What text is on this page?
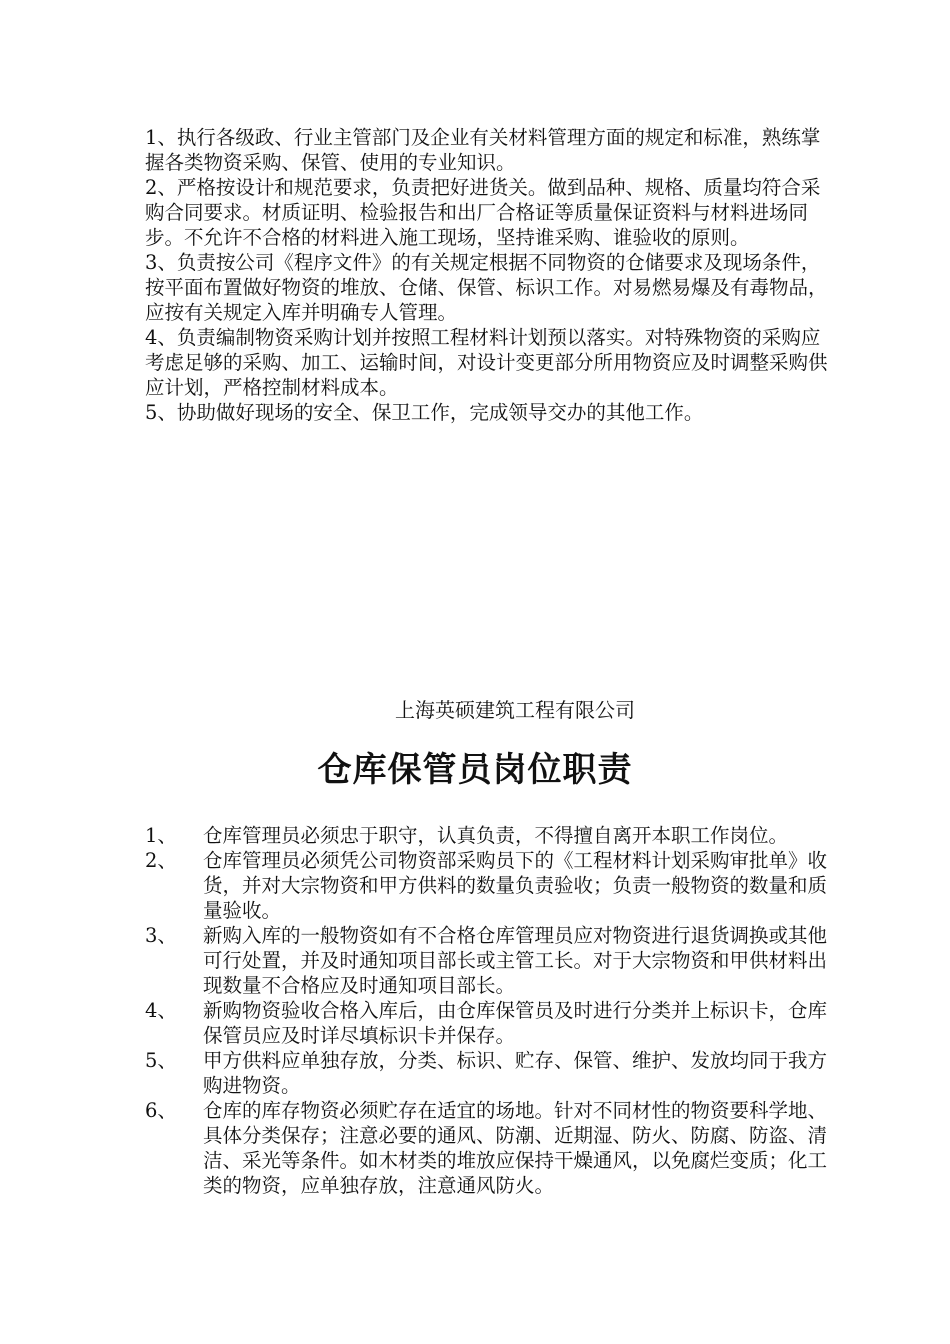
1、执行各级政、行业主管部门及企业有关材料管理方面的规定和标准，熟练掌握各类物资采购、保管、使用的专业知识。

2、严格按设计和规范要求，负责把好进货关。做到品种、规格、质量均符合采购合同要求。材质证明、检验报告和出厂合格证等质量保证资料与材料进场同步。不允许不合格的材料进入施工现场，坚持谁采购、谁验收的原则。

3、负责按公司《程序文件》的有关规定根据不同物资的仓储要求及现场条件，按平面布置做好物资的堆放、仓储、保管、标识工作。对易燃易爆及有毒物品，应按有关规定入库并明确专人管理。

4、负责编制物资采购计划并按照工程材料计划预以落实。对特殊物资的采购应考虑足够的采购、加工、运输时间，对设计变更部分所用物资应及时调整采购供应计划，严格控制材料成本。

5、协助做好现场的安全、保卫工作，完成领导交办的其他工作。

上海英硕建筑工程有限公司
仓库保管员岗位职责
1、	仓库管理员必须忠于职守，认真负责，不得擅自离开本职工作岗位。
2、	仓库管理员必须凭公司物资部采购员下的《工程材料计划采购审批单》收货，并对大宗物资和甲方供料的数量负责验收；负责一般物资的数量和质量验收。
3、	新购入库的一般物资如有不合格仓库管理员应对物资进行退货调换或其他可行处置，并及时通知项目部长或主管工长。对于大宗物资和甲供材料出现数量不合格应及时通知项目部长。
4、	新购物资验收合格入库后，由仓库保管员及时进行分类并上标识卡，仓库保管员应及时详尽填标识卡并保存。
5、	甲方供料应单独存放，分类、标识、贮存、保管、维护、发放均同于我方购进物资。
6、	仓库的库存物资必须贮存在适宜的场地。针对不同材性的物资要科学地、具体分类保存；注意必要的通风、防潮、近期湿、防火、防腐、防盗、清洁、采光等条件。如木材类的堆放应保持干燥通风，以免腐烂变质；化工类的物资，应单独存放，注意通风防火。
